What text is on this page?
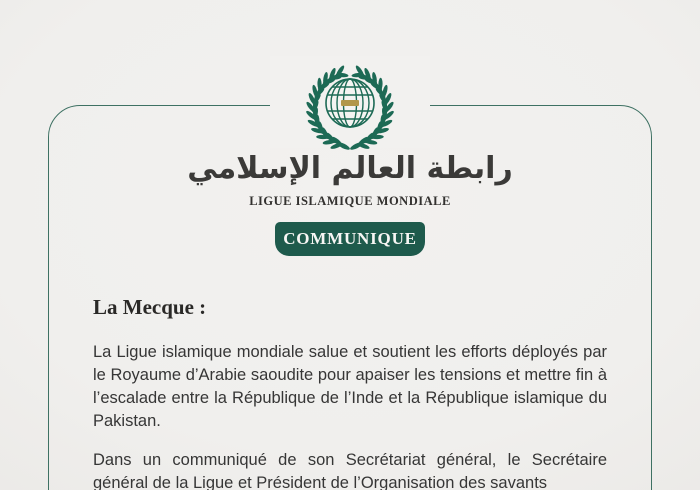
رابطة العالم الإسلامي
LIGUE ISLAMIQUE MONDIALE
COMMUNIQUE
La Mecque :

La Ligue islamique mondiale salue et soutient les efforts déployés par le Royaume d’Arabie saoudite pour apaiser les tensions et mettre fin à l’escalade entre la République de l’Inde et la République islamique du Pakistan.

Dans un communiqué de son Secrétariat général, le Secrétaire général de la Ligue et Président de l’Organisation des savants
